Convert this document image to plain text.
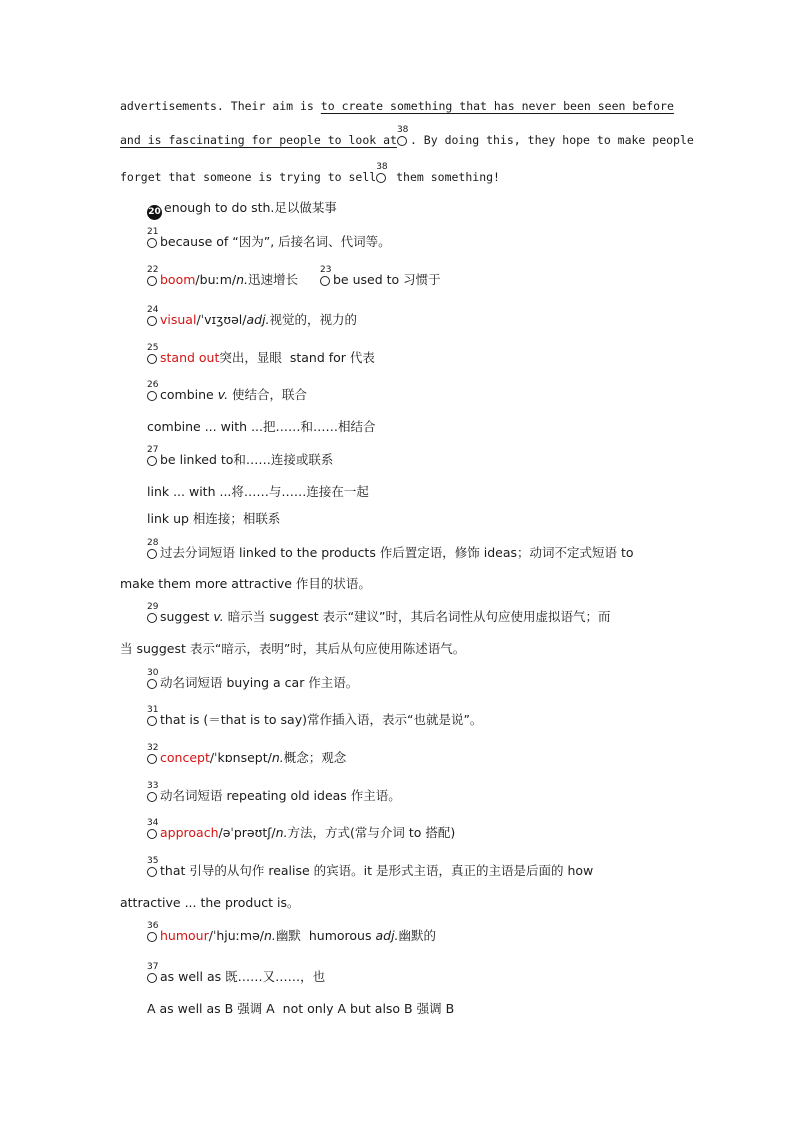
advertisements. Their aim is to create something that has never been seen before
and is fascinating for people to look at
38
. By doing this, they hope to make people
forget that someone is trying to sell
38
them something!
20 enough to do sth.足以做某事
21
because of “因为”, 后接名词、代词等。
22
boom/buːm/n.迅速增长
23
be used to 习惯于
24
visual/ˈvɪʒʊəl/adj.视觉的，视力的
25
stand out突出，显眼  stand for 代表
26
combine v. 使结合，联合
combine ... with ...把……和……相结合
27
be linked to和……连接或联系
link ... with ...将……与……连接在一起
link up 相连接；相联系
28
过去分词短语 linked to the products 作后置定语，修饰 ideas；动词不定式短语 to
make them more attractive 作目的状语。
29
suggest v. 暗示当 suggest 表示“建议”时，其后名词性从句应使用虚拟语气；而
当 suggest 表示“暗示，表明”时，其后从句应使用陈述语气。
30
动名词短语 buying a car 作主语。
31
that is (＝that is to say)常作插入语，表示“也就是说”。
32
concept/ˈkɒnsept/n.概念；观念
33
动名词短语 repeating old ideas 作主语。
34
approach/əˈprəʊtʃ/n.方法，方式(常与介词 to 搭配)
35
that 引导的从句作 realise 的宾语。it 是形式主语，真正的主语是后面的 how
attractive ... the product is。
36
humour/ˈhjuːmə/n.幽默  humorous adj.幽默的
37
as well as 既……又……，也
A as well as B 强调 A  not only A but also B 强调 B
